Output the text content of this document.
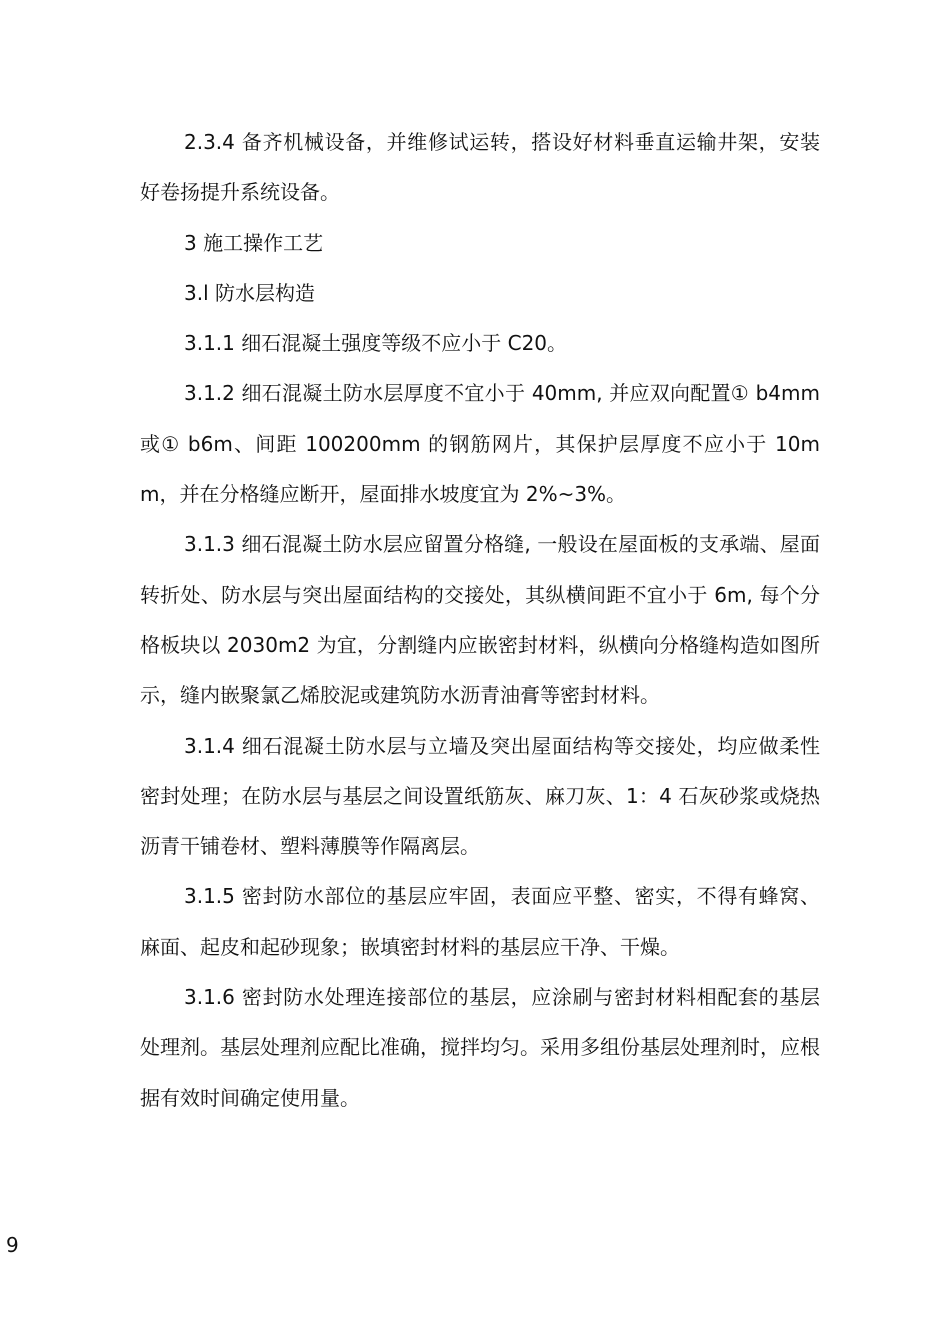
2.3.4 备齐机械设备，并维修试运转，搭设好材料垂直运输井架，安装好卷扬提升系统设备。

3 施工操作工艺

3.l 防水层构造

3.1.1 细石混凝土强度等级不应小于 C20。

3.1.2 细石混凝土防水层厚度不宜小于 40mm, 并应双向配置① b4mm 或① b6m、间距 100200mm 的钢筋网片，其保护层厚度不应小于 10mm，并在分格缝应断开，屋面排水坡度宜为 2%~3%。

3.1.3 细石混凝土防水层应留置分格缝, 一般设在屋面板的支承端、屋面转折处、防水层与突出屋面结构的交接处，其纵横间距不宜小于 6m, 每个分格板块以 2030m2 为宜，分割缝内应嵌密封材料，纵横向分格缝构造如图所示，缝内嵌聚氯乙烯胶泥或建筑防水沥青油膏等密封材料。

3.1.4 细石混凝土防水层与立墙及突出屋面结构等交接处，均应做柔性密封处理；在防水层与基层之间设置纸筋灰、麻刀灰、1：4 石灰砂浆或烧热沥青干铺卷材、塑料薄膜等作隔离层。

3.1.5 密封防水部位的基层应牢固，表面应平整、密实，不得有蜂窝、麻面、起皮和起砂现象；嵌填密封材料的基层应干净、干燥。

3.1.6 密封防水处理连接部位的基层，应涂刷与密封材料相配套的基层处理剂。基层处理剂应配比准确，搅拌均匀。采用多组份基层处理剂时，应根据有效时间确定使用量。

9
